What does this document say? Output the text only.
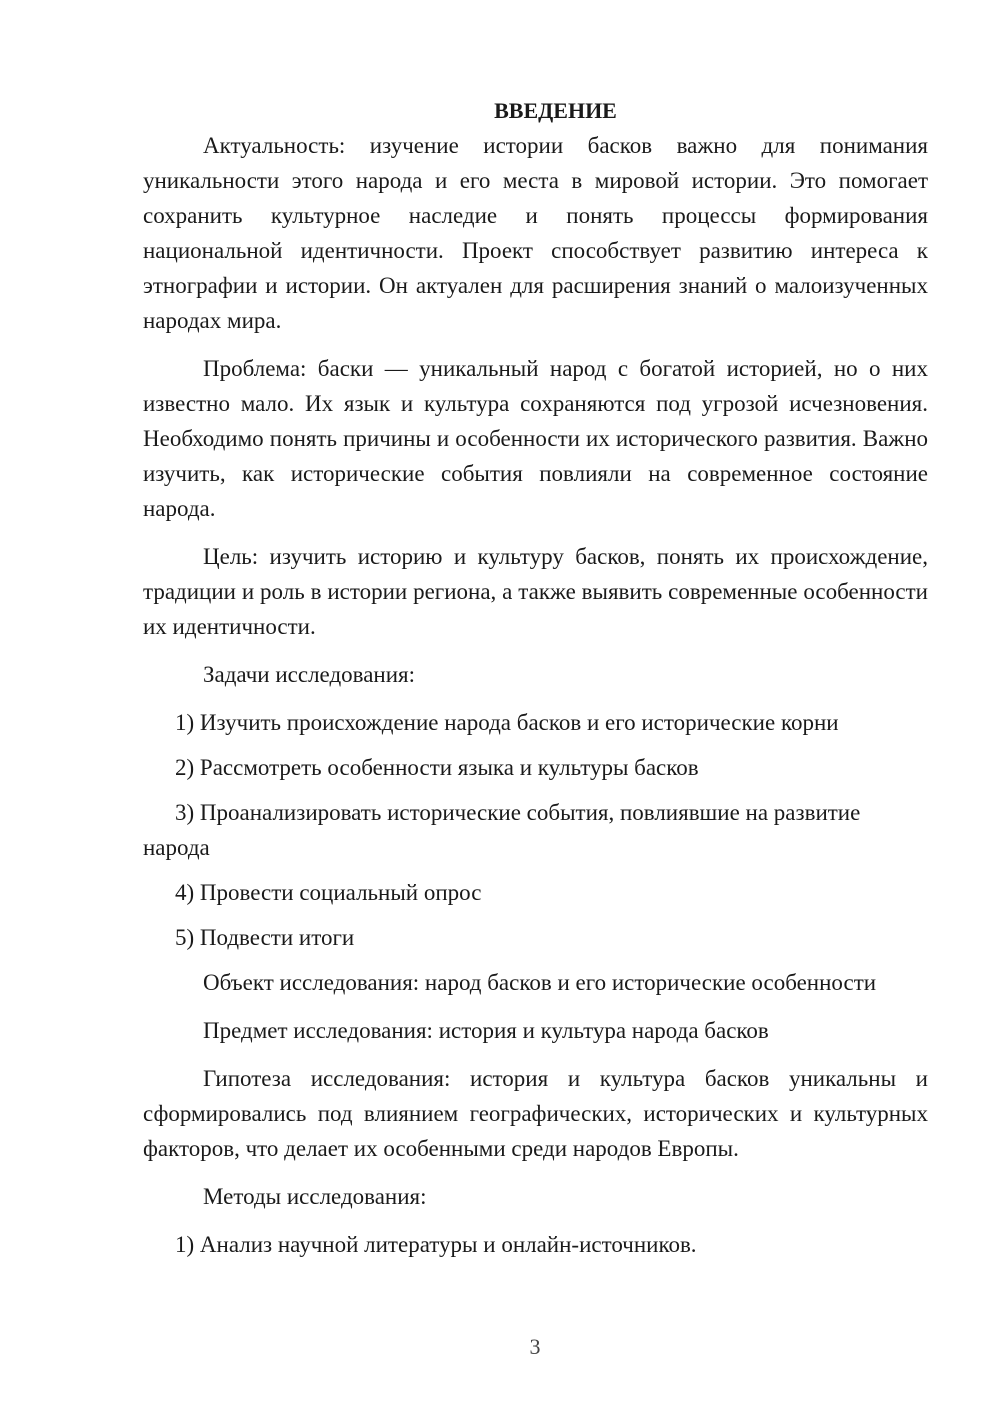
ВВЕДЕНИЕ

Актуальность: изучение истории басков важно для понимания уникальности этого народа и его места в мировой истории. Это помогает сохранить культурное наследие и понять процессы формирования национальной идентичности. Проект способствует развитию интереса к этнографии и истории. Он актуален для расширения знаний о малоизученных народах мира.

Проблема: баски — уникальный народ с богатой историей, но о них известно мало. Их язык и культура сохраняются под угрозой исчезновения. Необходимо понять причины и особенности их исторического развития. Важно изучить, как исторические события повлияли на современное состояние народа.

Цель: изучить историю и культуру басков, понять их происхождение, традиции и роль в истории региона, а также выявить современные особенности их идентичности.

Задачи исследования:

1) Изучить происхождение народа басков и его исторические корни

2) Рассмотреть особенности языка и культуры басков

3) Проанализировать исторические события, повлиявшие на развитие народа

4) Провести социальный опрос

5) Подвести итоги

Объект исследования: народ басков и его исторические особенности

Предмет исследования: история и культура народа басков

Гипотеза исследования: история и культура басков уникальны и сформировались под влиянием географических, исторических и культурных факторов, что делает их особенными среди народов Европы.

Методы исследования:

1) Анализ научной литературы и онлайн-источников.

3
